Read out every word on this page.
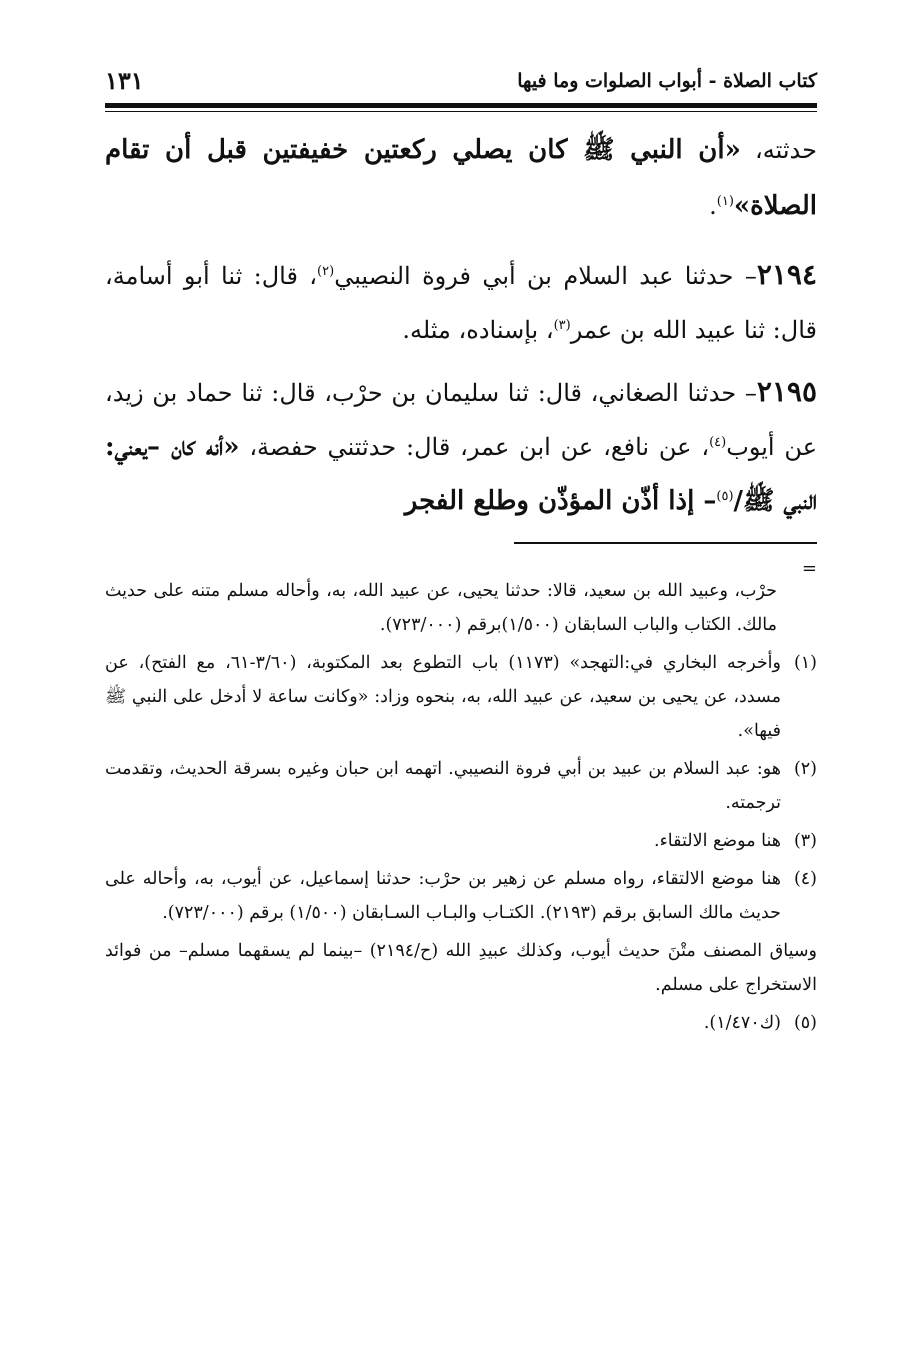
كتاب الصلاة - أبواب الصلوات وما فيها
١٣١

حدثته، «أن النبي ﷺ كان يصلي ركعتين خفيفتين قبل أن تقام الصلاة»$^{(١)}$.

٢١٩٤– حدثنا عبد السلام بن أبي فروة النصيبي$^{(٢)}$، قال: ثنا أبو أسامة، قال: ثنا عبيد الله بن عمر$^{(٣)}$، بإسناده، مثله.

٢١٩٥– حدثنا الصغاني، قال: ثنا سليمان بن حرْب، قال: ثنا حماد بن زيد، عن أيوب$^{(٤)}$، عن نافع، عن ابن عمر، قال: حدثتني حفصة، «أنه كان –يعني: النبي ﷺ/$^{(٥)}$– إذا أذّن المؤذّن وطلع الفجر

=

حرْب، وعبيد الله بن سعيد، قالا: حدثنا يحيى، عن عبيد الله، به، وأحاله مسلم متنه على حديث مالك. الكتاب والباب السابقان (١/٥٠٠)برقم (٧٢٣/٠٠٠).

(١)وأخرجه البخاري في:التهجد» (١١٧٣) باب التطوع بعد المكتوبة، (٣/٦٠-٦١، مع الفتح)، عن مسدد، عن يحيى بن سعيد، عن عبيد الله، به، بنحوه وزاد: «وكانت ساعة لا أدخل على النبي ﷺ فيها».

(٢)هو: عبد السلام بن عبيد بن أبي فروة النصيبي. اتهمه ابن حبان وغيره بسرقة الحديث، وتقدمت ترجمته.

(٣)هنا موضع الالتقاء.

(٤)هنا موضع الالتقاء، رواه مسلم عن زهير بن حرْب: حدثنا إسماعيل، عن أيوب، به، وأحاله على حديث مالك السابق برقم (٢١٩٣). الكتـاب والبـاب السـابقان (١/٥٠٠) برقم (٧٢٣/٠٠٠).

وسياق المصنف متْنَ حديث أيوب، وكذلك عبيدِ الله (ح/٢١٩٤) –بينما لم يسقهما مسلم– من فوائد الاستخراج على مسلم.

(٥)(ك١/٤٧٠).
